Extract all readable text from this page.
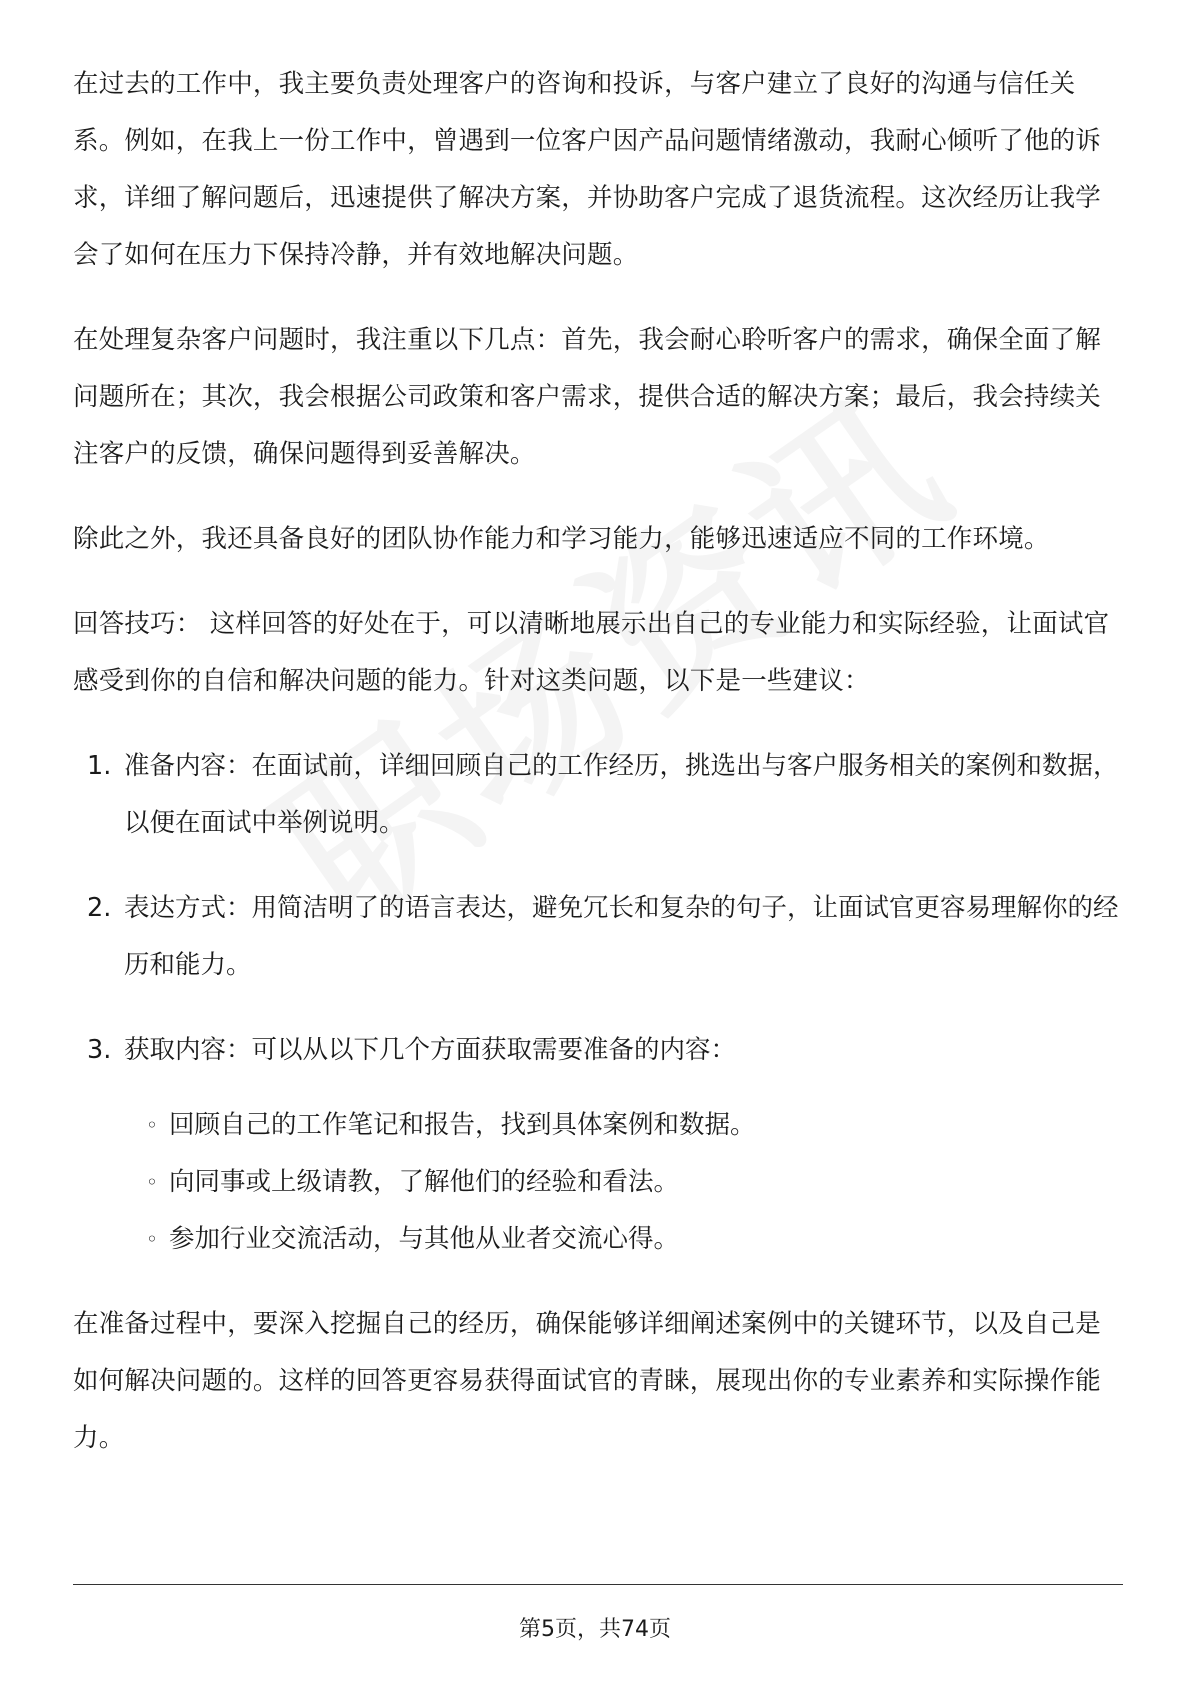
在过去的工作中，我主要负责处理客户的咨询和投诉，与客户建立了良好的沟通与信任关系。例如，在我上一份工作中，曾遇到一位客户因产品问题情绪激动，我耐心倾听了他的诉求，详细了解问题后，迅速提供了解决方案，并协助客户完成了退货流程。这次经历让我学会了如何在压力下保持冷静，并有效地解决问题。

在处理复杂客户问题时，我注重以下几点：首先，我会耐心聆听客户的需求，确保全面了解问题所在；其次，我会根据公司政策和客户需求，提供合适的解决方案；最后，我会持续关注客户的反馈，确保问题得到妥善解决。

除此之外，我还具备良好的团队协作能力和学习能力，能够迅速适应不同的工作环境。

回答技巧： 这样回答的好处在于，可以清晰地展示出自己的专业能力和实际经验，让面试官感受到你的自信和解决问题的能力。针对这类问题，以下是一些建议：

1. 准备内容：在面试前，详细回顾自己的工作经历，挑选出与客户服务相关的案例和数据，以便在面试中举例说明。
2. 表达方式：用简洁明了的语言表达，避免冗长和复杂的句子，让面试官更容易理解你的经历和能力。
3. 获取内容：可以从以下几个方面获取需要准备的内容：
◦ 回顾自己的工作笔记和报告，找到具体案例和数据。
◦ 向同事或上级请教，了解他们的经验和看法。
◦ 参加行业交流活动，与其他从业者交流心得。

在准备过程中，要深入挖掘自己的经历，确保能够详细阐述案例中的关键环节，以及自己是如何解决问题的。这样的回答更容易获得面试官的青睐，展现出你的专业素养和实际操作能力。

第5页，共74页
